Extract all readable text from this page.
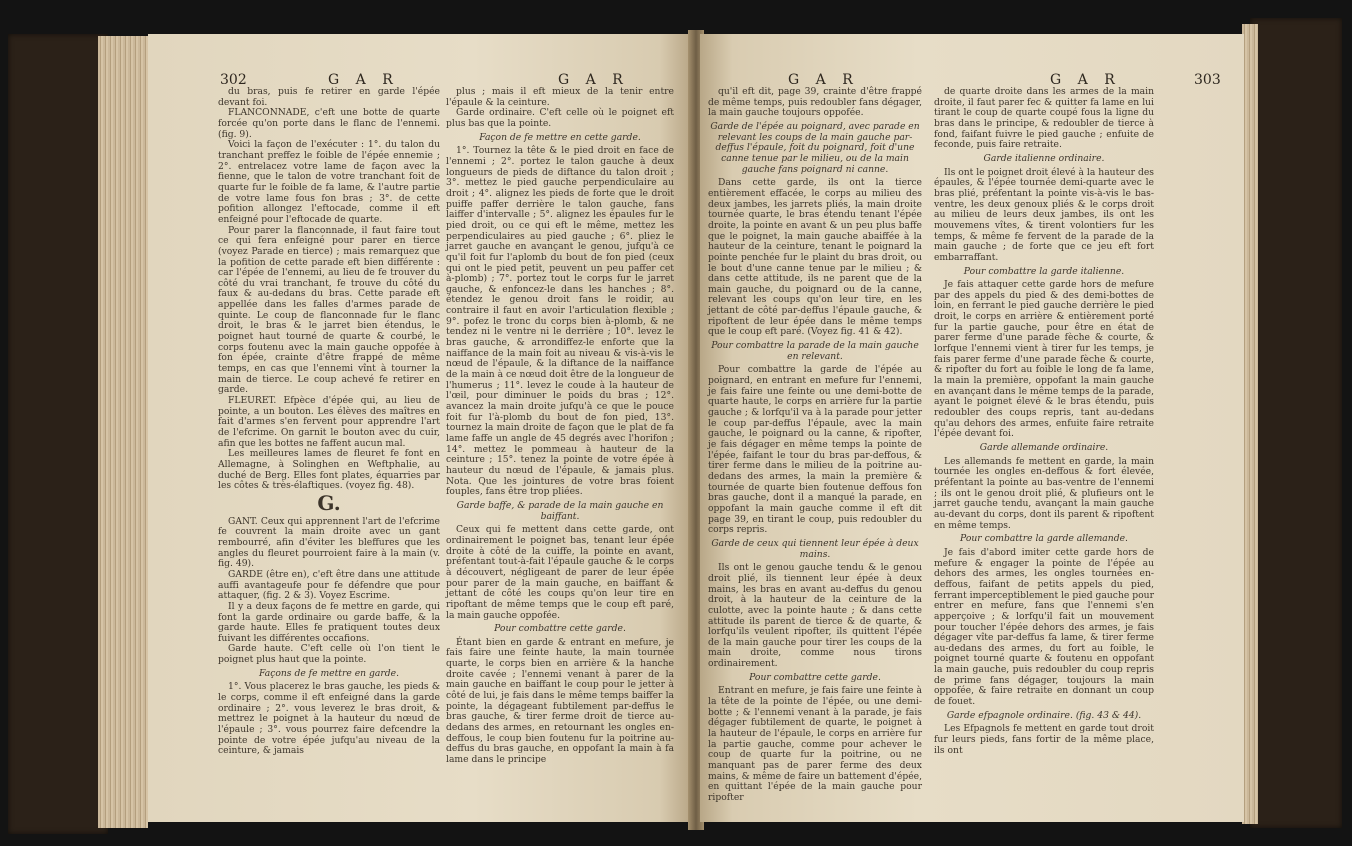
302	G A R	G A R

du bras, puis fe retirer en garde l'épée devant foi.

FLANCONNADE, c'eft une botte de quarte forcée qu'on porte dans le flanc de l'ennemi. (fig. 9).

Voici la façon de l'exécuter : 1°. du talon du tranchant preffez le foible de l'épée ennemie ; 2°. entrelacez votre lame de façon avec la fienne, que le talon de votre tranchant foit de quarte fur le foible de fa lame, & l'autre partie de votre lame fous fon bras ; 3°. de cette pofition allongez l'eftocade, comme il eft enfeigné pour l'eftocade de quarte.

Pour parer la flanconnade, il faut faire tout ce qui fera enfeigné pour parer en tierce (voyez Parade en tierce) ; mais remarquez que la pofition de cette parade eft bien différente : car l'épée de l'ennemi, au lieu de fe trouver du côté du vrai tranchant, fe trouve du côté du faux & au-dedans du bras. Cette parade eft appellée dans les falles d'armes parade de quinte. Le coup de flanconnade fur le flanc droit, le bras & le jarret bien étendus, le poignet haut tourné de quarte & courbé, le corps foutenu avec la main gauche oppofée à fon épée, crainte d'être frappé de même temps, en cas que l'ennemi vînt à tourner la main de tierce. Le coup achevé fe retirer en garde.

FLEURET. Efpèce d'épée qui, au lieu de pointe, a un bouton. Les élèves des maîtres en fait d'armes s'en fervent pour apprendre l'art de l'efcrime. On garnit le bouton avec du cuir, afin que les bottes ne faffent aucun mal.

Les meilleures lames de fleuret fe font en Allemagne, à Solinghen en Weftphalie, au duché de Berg. Elles font plates, équarries par les côtes & très-élaftiques. (voyez fig. 48).

G.

GANT. Ceux qui apprennent l'art de l'efcrime fe couvrent la main droite avec un gant rembourré, afin d'éviter les bleffures que les angles du fleuret pourroient faire à la main (v. fig. 49).

GARDE (être en), c'eft être dans une attitude auffi avantageufe pour fe défendre que pour attaquer, (fig. 2 & 3). Voyez Escrime.

Il y a deux façons de fe mettre en garde, qui font la garde ordinaire ou garde baffe, & la garde haute. Elles fe pratiquent toutes deux fuivant les différentes occafions.

Garde haute. C'eft celle où l'on tient le poignet plus haut que la pointe.

Façons de fe mettre en garde.

1°. Vous placerez le bras gauche, les pieds & le corps, comme il eft enfeigné dans la garde ordinaire ; 2°. vous leverez le bras droit, & mettrez le poignet à la hauteur du nœud de l'épaule ; 3°. vous pourrez faire defcendre la pointe de votre épée jufqu'au niveau de la ceinture, & jamais

plus ; mais il eft mieux de la tenir entre l'épaule & la ceinture.

Garde ordinaire. C'eft celle où le poignet eft plus bas que la pointe.

Façon de fe mettre en cette garde.

1°. Tournez la tête & le pied droit en face de l'ennemi ; 2°. portez le talon gauche à deux longueurs de pieds de diftance du talon droit ; 3°. mettez le pied gauche perpendiculaire au droit ; 4°. alignez les pieds de forte que le droit puiffe paffer derrière le talon gauche, fans laiffer d'intervalle ; 5°. alignez les épaules fur le pied droit, ou ce qui eft le même, mettez les perpendiculaires au pied gauche ; 6°. pliez le jarret gauche en avançant le genou, jufqu'à ce qu'il foit fur l'aplomb du bout de fon pied (ceux qui ont le pied petit, peuvent un peu paffer cet à-plomb) ; 7°. portez tout le corps fur le jarret gauche, & enfoncez-le dans les hanches ; 8°. étendez le genou droit fans le roidir, au contraire il faut en avoir l'articulation flexible ; 9°. pofez le tronc du corps bien à-plomb, & ne tendez ni le ventre ni le derrière ; 10°. levez le bras gauche, & arrondiffez-le enforte que la naiffance de la main foit au niveau & vis-à-vis le nœud de l'épaule, & la diftance de la naiffance de la main à ce nœud doit être de la longueur de l'humerus ; 11°. levez le coude à la hauteur de l'œil, pour diminuer le poids du bras ; 12°. avancez la main droite jufqu'à ce que le pouce foit fur l'à-plomb du bout de fon pied, 13°. tournez la main droite de façon que le plat de fa lame faffe un angle de 45 degrés avec l'horifon ; 14°. mettez le pommeau à hauteur de la ceinture ; 15°. tenez la pointe de votre épée à hauteur du nœud de l'épaule, & jamais plus. Nota. Que les jointures de votre bras foient fouples, fans être trop pliées.

Garde baffe, & parade de la main gauche en baiffant.

Ceux qui fe mettent dans cette garde, ont ordinairement le poignet bas, tenant leur épée droite à côté de la cuiffe, la pointe en avant, préfentant tout-à-fait l'épaule gauche & le corps à découvert, négligeant de parer de leur épée pour parer de la main gauche, en baiffant & jettant de côté les coups qu'on leur tire en ripoftant de même temps que le coup eft paré, la main gauche oppofée.

Pour combattre cette garde.

Étant bien en garde & entrant en mefure, je fais faire une feinte haute, la main tournée quarte, le corps bien en arrière & la hanche droite cavée ; l'ennemi venant à parer de la main gauche en baiffant le coup pour le jetter à côté de lui, je fais dans le même temps baiffer la pointe, la dégageant fubtilement par-deffus le bras gauche, & tirer ferme droit de tierce au-dedans des armes, en retournant les ongles en-deffous, le coup bien foutenu fur la poitrine au-deffus du bras gauche, en oppofant la main à fa lame dans le principe

G A R	G A R	303

qu'il eft dit, page 39, crainte d'être frappé de même temps, puis redoubler fans dégager, la main gauche toujours oppofée.

Garde de l'épée au poignard, avec parade en relevant les coups de la main gauche par-deffus l'épaule, foit du poignard, foit d'une canne tenue par le milieu, ou de la main gauche fans poignard ni canne.

Dans cette garde, ils ont la tierce entièrement effacée, le corps au milieu des deux jambes, les jarrets pliés, la main droite tournée quarte, le bras étendu tenant l'épée droite, la pointe en avant & un peu plus baffe que le poignet, la main gauche abaiffée à la hauteur de la ceinture, tenant le poignard la pointe penchée fur le plaint du bras droit, ou le bout d'une canne tenue par le milieu ; & dans cette attitude, ils ne parent que de la main gauche, du poignard ou de la canne, relevant les coups qu'on leur tire, en les jettant de côté par-deffus l'épaule gauche, & ripoftent de leur épée dans le même temps que le coup eft paré. (Voyez fig. 41 & 42).

Pour combattre la parade de la main gauche en relevant.

Pour combattre la garde de l'épée au poignard, en entrant en mefure fur l'ennemi, je fais faire une feinte ou une demi-botte de quarte haute, le corps en arrière fur la partie gauche ; & lorfqu'il va à la parade pour jetter le coup par-deffus l'épaule, avec la main gauche, le poignard ou la canne, & ripofter, je fais dégager en même temps la pointe de l'épée, faifant le tour du bras par-deffous, & tirer ferme dans le milieu de la poitrine au-dedans des armes, la main la première & tournée de quarte bien foutenue deffous fon bras gauche, dont il a manqué la parade, en oppofant la main gauche comme il eft dit page 39, en tirant le coup, puis redoubler du corps repris.

Garde de ceux qui tiennent leur épée à deux mains.

Ils ont le genou gauche tendu & le genou droit plié, ils tiennent leur épée à deux mains, les bras en avant au-deffus du genou droit, à la hauteur de la ceinture de la culotte, avec la pointe haute ; & dans cette attitude ils parent de tierce & de quarte, & lorfqu'ils veulent ripofter, ils quittent l'épée de la main gauche pour tirer les coups de la main droite, comme nous tirons ordinairement.

Pour combattre cette garde.

Entrant en mefure, je fais faire une feinte à la tête de la pointe de l'épée, ou une demi-botte ; & l'ennemi venant à la parade, je fais dégager fubtilement de quarte, le poignet à la hauteur de l'épaule, le corps en arrière fur la partie gauche, comme pour achever le coup de quarte fur la poitrine, ou ne manquant pas de parer ferme des deux mains, & même de faire un battement d'épée, en quittant l'épée de la main gauche pour ripofter

de quarte droite dans les armes de la main droite, il faut parer fec & quitter fa lame en lui tirant le coup de quarte coupé fous la ligne du bras dans le principe, & redoubler de tierce à fond, faifant fuivre le pied gauche ; enfuite de feconde, puis faire retraite.

Garde italienne ordinaire.

Ils ont le poignet droit élevé à la hauteur des épaules, & l'épée tournée demi-quarte avec le bras plié, préfentant la pointe vis-à-vis le bas-ventre, les deux genoux pliés & le corps droit au milieu de leurs deux jambes, ils ont les mouvemens vîtes, & tirent volontiers fur les temps, & même fe fervent de la parade de la main gauche ; de forte que ce jeu eft fort embarraffant.

Pour combattre la garde italienne.

Je fais attaquer cette garde hors de mefure par des appels du pied & des demi-bottes de loin, en ferrant le pied gauche derrière le pied droit, le corps en arrière & entièrement porté fur la partie gauche, pour être en état de parer ferme d'une parade fèche & courte, & lorfque l'ennemi vient à tirer fur les temps, je fais parer ferme d'une parade fèche & courte, & ripofter du fort au foible le long de fa lame, la main la première, oppofant la main gauche en avançant dans le même temps de la parade, ayant le poignet élevé & le bras étendu, puis redoubler des coups repris, tant au-dedans qu'au dehors des armes, enfuite faire retraite l'épée devant foi.

Garde allemande ordinaire.

Les allemands fe mettent en garde, la main tournée les ongles en-deffous & fort élevée, préfentant la pointe au bas-ventre de l'ennemi ; ils ont le genou droit plié, & plufieurs ont le jarret gauche tendu, avançant la main gauche au-devant du corps, dont ils parent & ripoftent en même temps.

Pour combattre la garde allemande.

Je fais d'abord imiter cette garde hors de mefure & engager la pointe de l'épée au dehors des armes, les ongles tournées en-deffous, faifant de petits appels du pied, ferrant imperceptiblement le pied gauche pour entrer en mefure, fans que l'ennemi s'en apperçoive ; & lorfqu'il fait un mouvement pour toucher l'épée dehors des armes, je fais dégager vîte par-deffus fa lame, & tirer ferme au-dedans des armes, du fort au foible, le poignet tourné quarte & foutenu en oppofant la main gauche, puis redoubler du coup repris de prime fans dégager, toujours la main oppofée, & faire retraite en donnant un coup de fouet.

Garde efpagnole ordinaire. (fig. 43 & 44).

Les Efpagnols fe mettent en garde tout droit fur leurs pieds, fans fortir de la même place, ils ont
